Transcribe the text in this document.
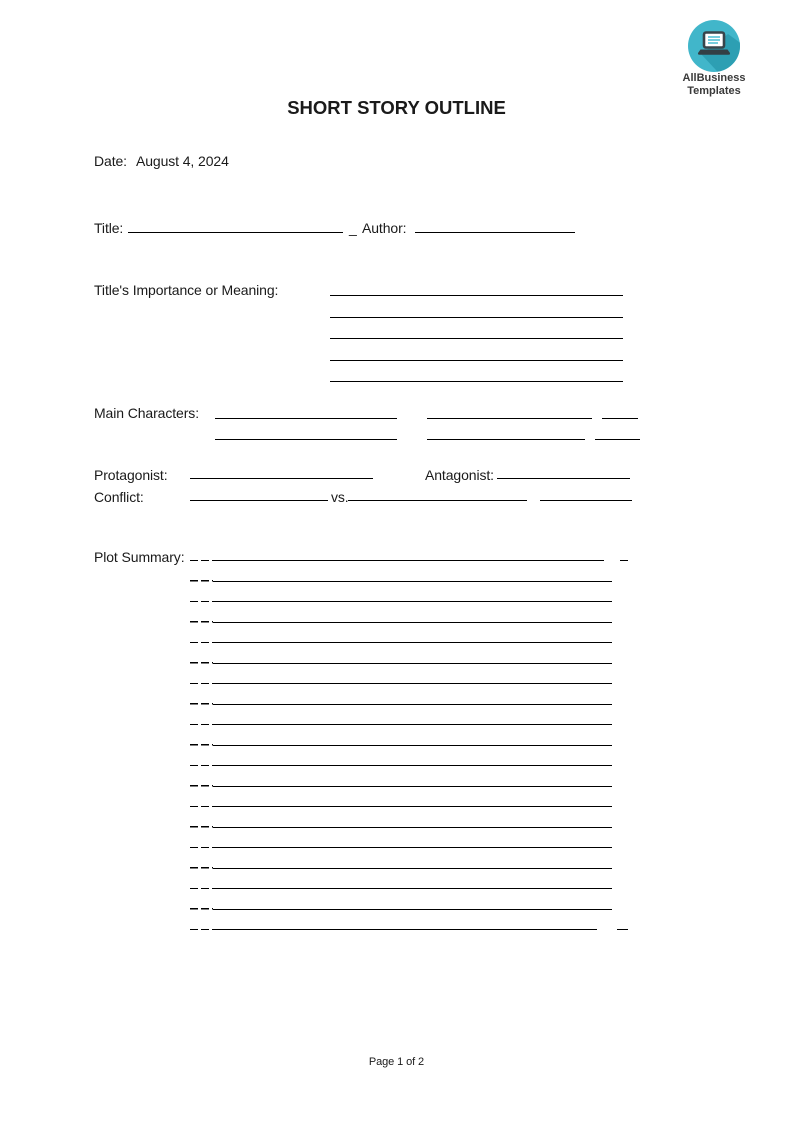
AllBusiness
Templates
SHORT STORY OUTLINE
Date: August 4, 2024
Title:	_ Author:
Title's Importance or Meaning:
Main Characters:
Protagonist:	Antagonist:
Conflict:	vs.
Plot Summary:
Page 1 of 2
